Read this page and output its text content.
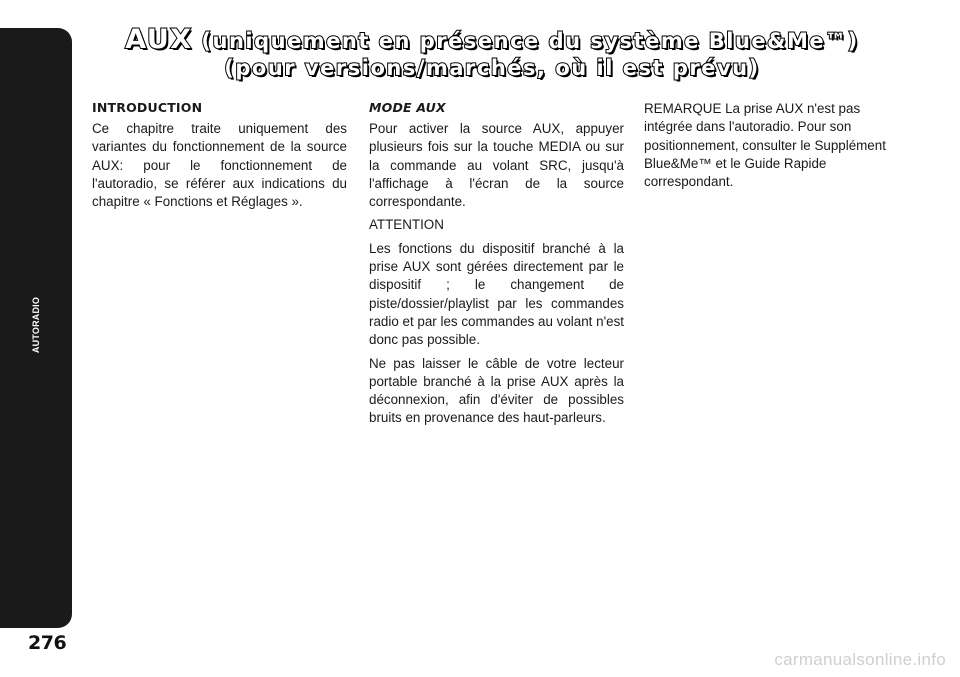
AUTORADIO
276
AUX (uniquement en présence du système Blue&Me™)
(pour versions/marchés, où il est prévu)
INTRODUCTION

Ce chapitre traite uniquement des variantes du fonctionnement de la source AUX: pour le fonctionnement de l'autoradio, se référer aux indications du chapitre « Fonctions et Réglages ».

MODE AUX

Pour activer la source AUX, appuyer plusieurs fois sur la touche MEDIA ou sur la commande au volant SRC, jusqu'à l'affichage à l'écran de la source correspondante.

ATTENTION

Les fonctions du dispositif branché à la prise AUX sont gérées directement par le dispositif ; le changement de piste/dossier/playlist par les commandes radio et par les commandes au volant n'est donc pas possible.

Ne pas laisser le câble de votre lecteur portable branché à la prise AUX après la déconnexion, afin d'éviter de possibles bruits en provenance des haut-parleurs.

REMARQUE La prise AUX n'est pas intégrée dans l'autoradio. Pour son positionnement, consulter le Supplément Blue&Me™ et le Guide Rapide correspondant.

carmanualsonline.info
